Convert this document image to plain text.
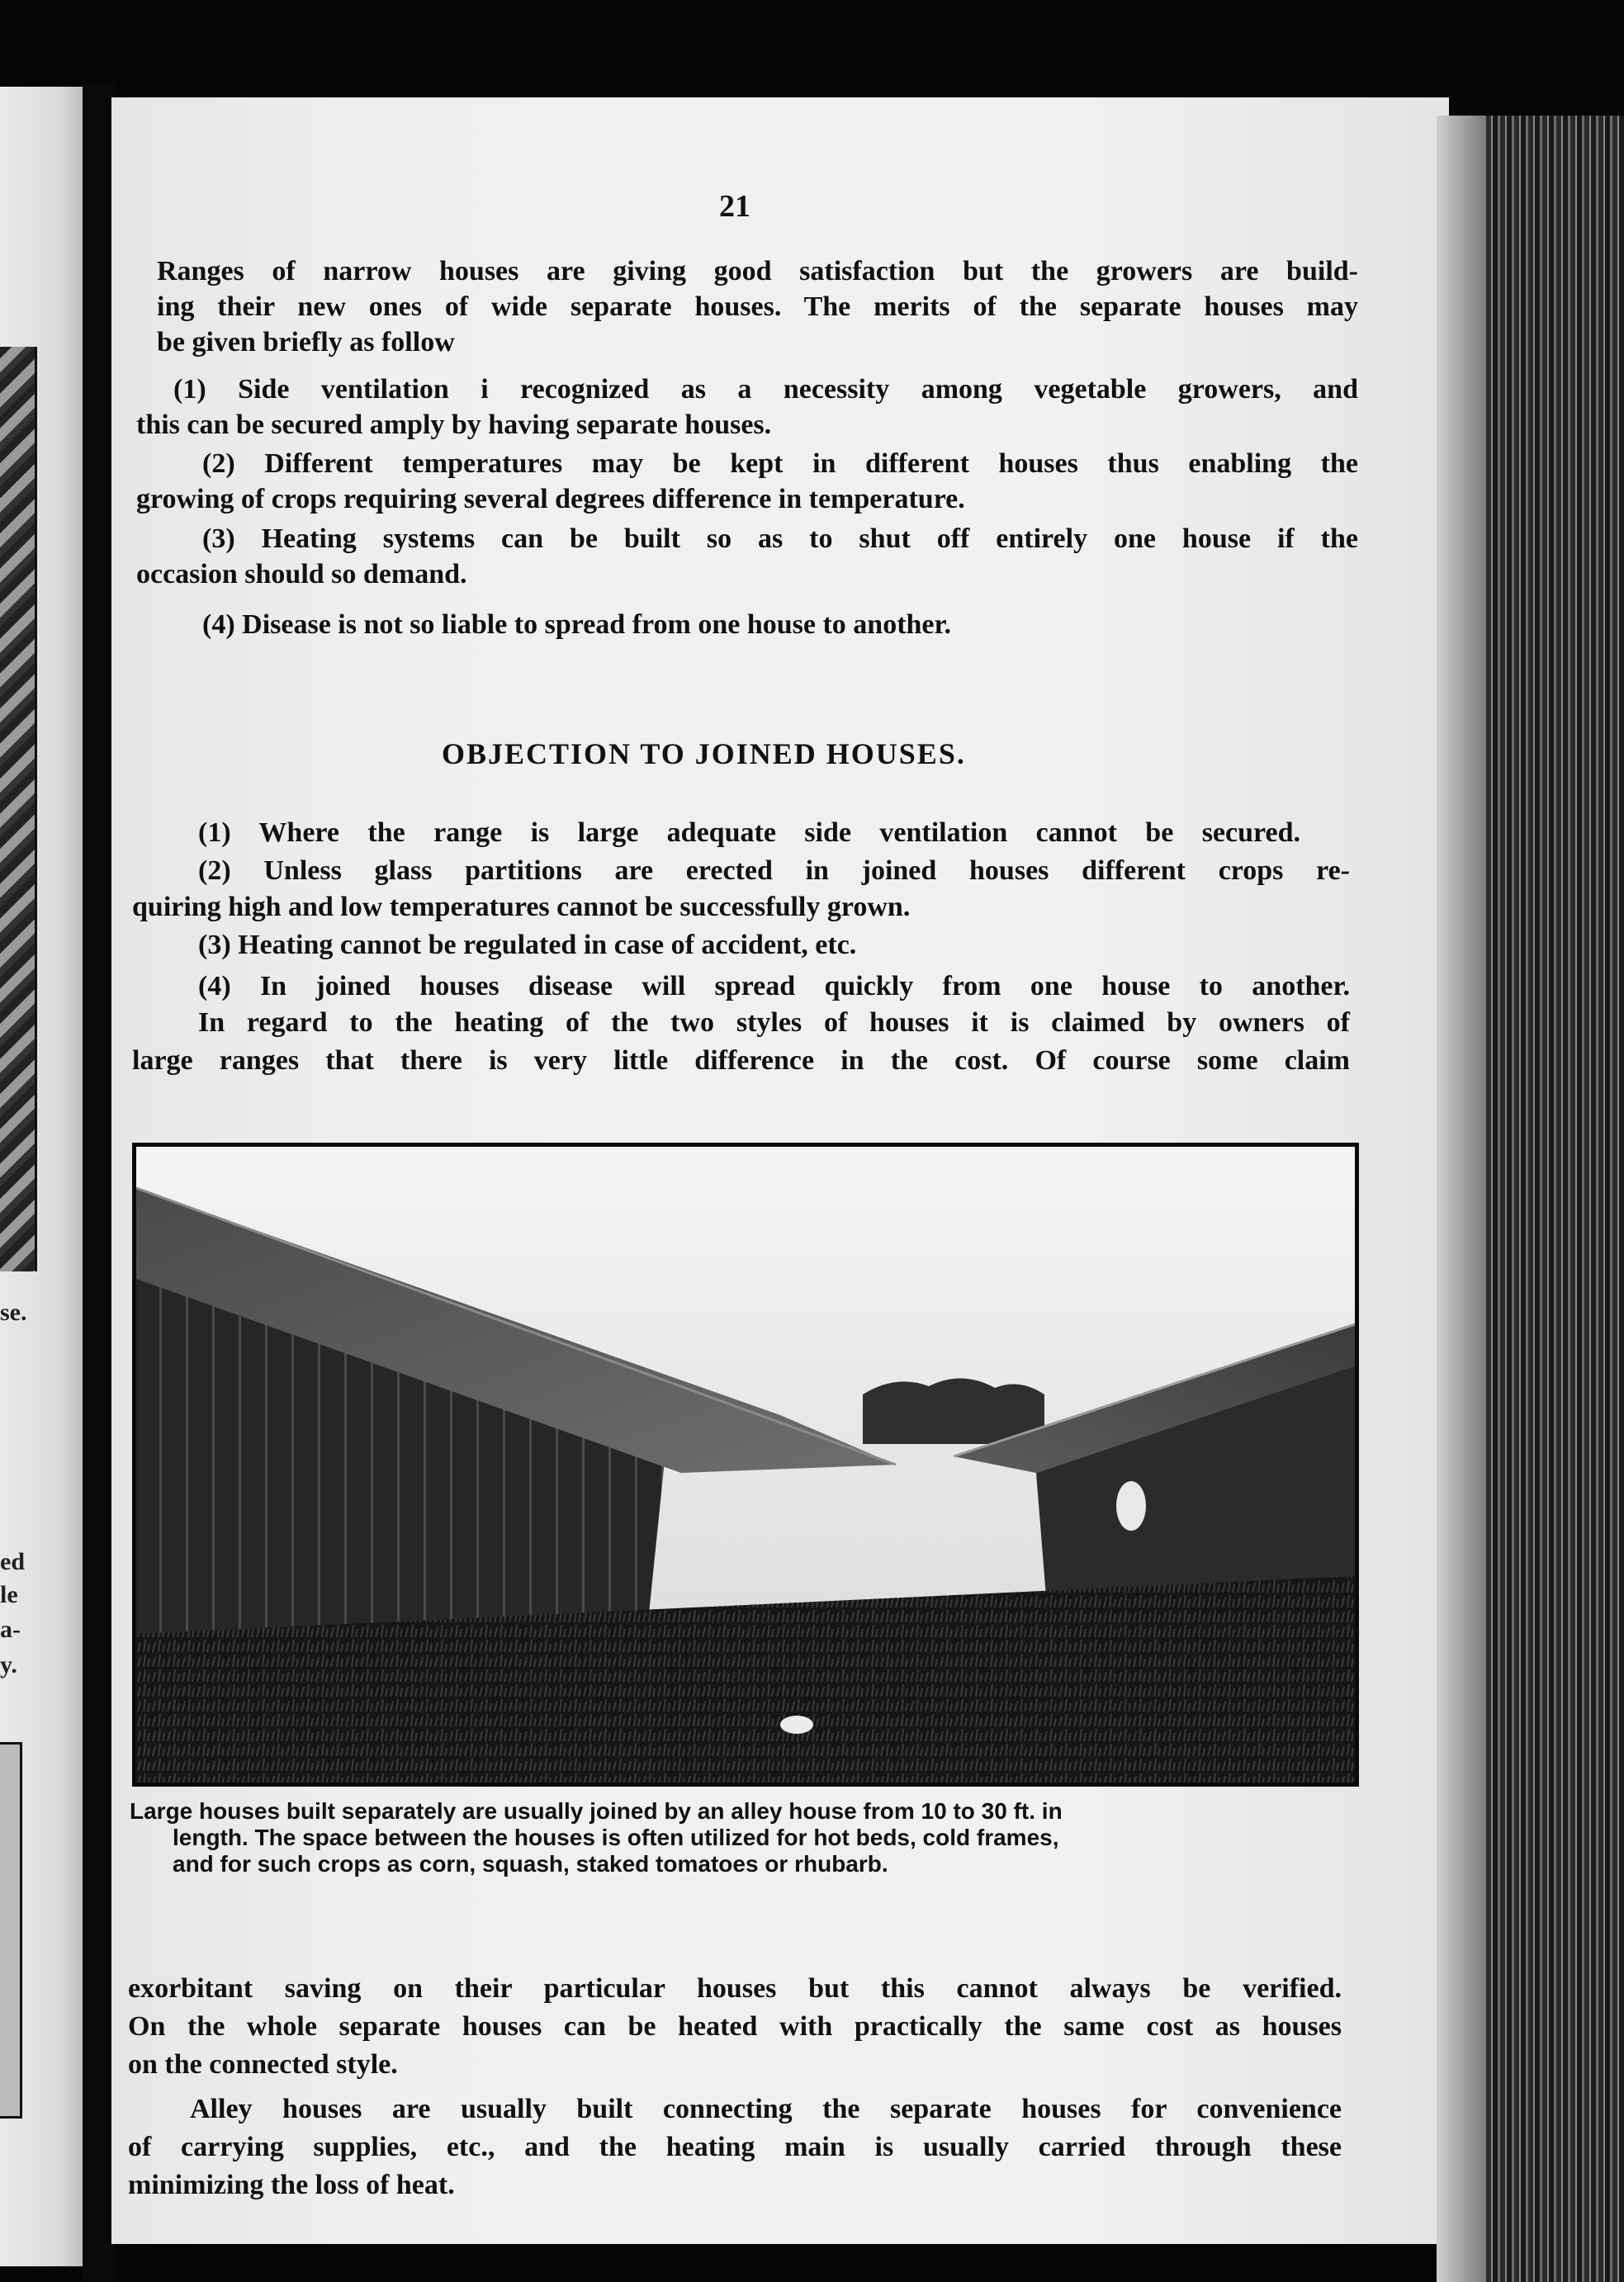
se.
ed
le
a-
y.
21
Ranges of narrow houses are giving good satisfaction but the growers are build-
ing their new ones of wide separate houses. The merits of the separate houses may
be given briefly as follow
(1) Side ventilation i recognized as a necessity among vegetable growers, and
this can be secured amply by having separate houses.
(2) Different temperatures may be kept in different houses thus enabling the
growing of crops requiring several degrees difference in temperature.
(3) Heating systems can be built so as to shut off entirely one house if the
occasion should so demand.
(4) Disease is not so liable to spread from one house to another.
OBJECTION TO JOINED HOUSES.
(1) Where the range is large adequate side ventilation cannot be secured.
(2) Unless glass partitions are erected in joined houses different crops re-
quiring high and low temperatures cannot be successfully grown.
(3) Heating cannot be regulated in case of accident, etc.
(4) In joined houses disease will spread quickly from one house to another.
In regard to the heating of the two styles of houses it is claimed by owners of
large ranges that there is very little difference in the cost. Of course some claim
Large houses built separately are usually joined by an alley house from 10 to 30 ft. in
length. The space between the houses is often utilized for hot beds, cold frames,
and for such crops as corn, squash, staked tomatoes or rhubarb.
exorbitant saving on their particular houses but this cannot always be verified.
On the whole separate houses can be heated with practically the same cost as houses
on the connected style.
Alley houses are usually built connecting the separate houses for convenience
of carrying supplies, etc., and the heating main is usually carried through these
minimizing the loss of heat.
